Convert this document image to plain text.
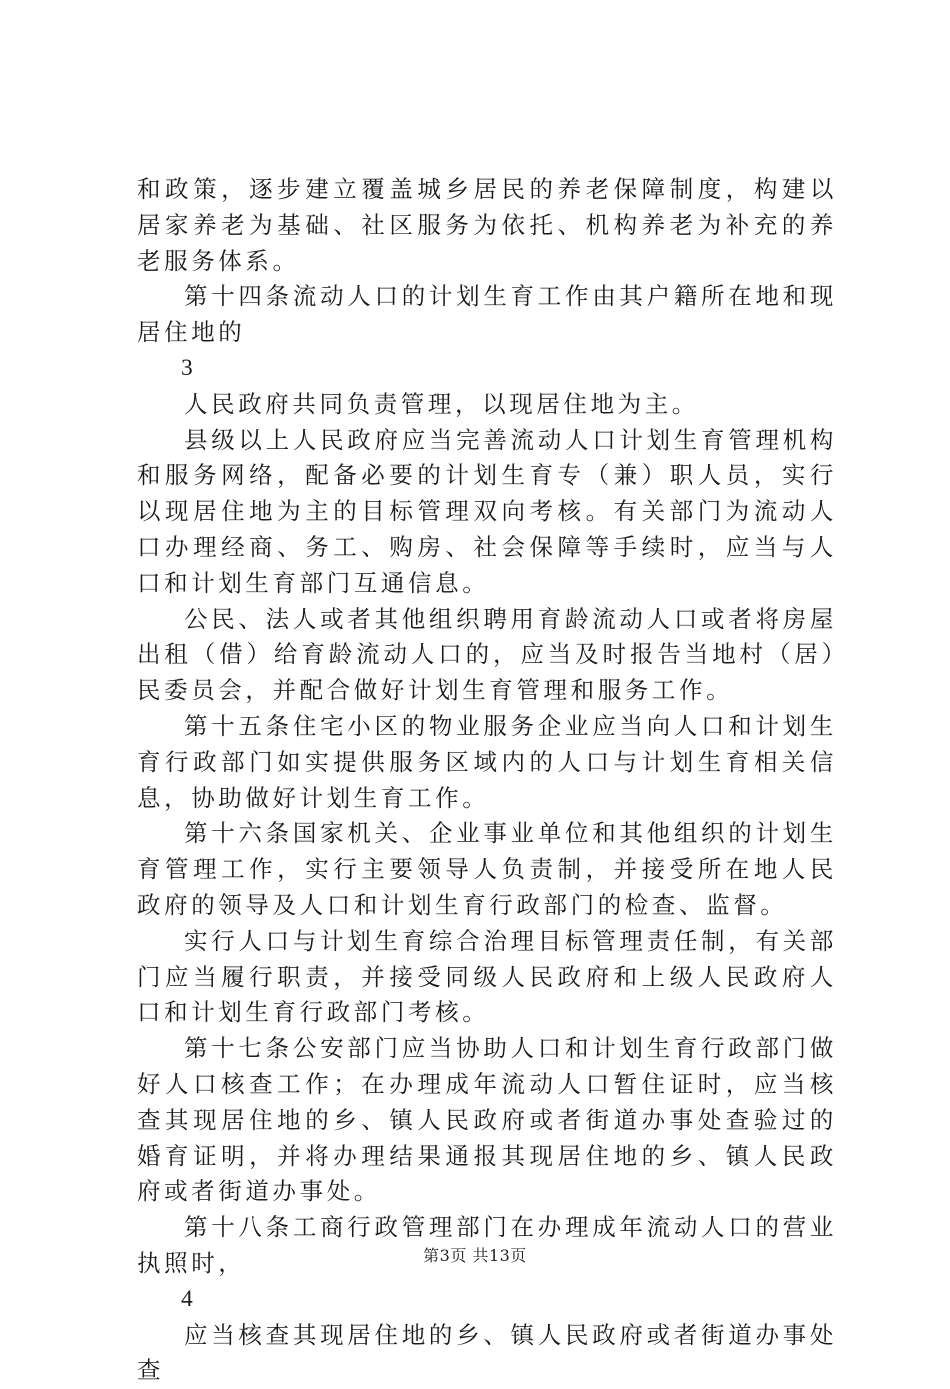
和政策，逐步建立覆盖城乡居民的养老保障制度，构建以居家养老为基础、社区服务为依托、机构养老为补充的养老服务体系。

第十四条流动人口的计划生育工作由其户籍所在地和现居住地的

3

人民政府共同负责管理，以现居住地为主。

县级以上人民政府应当完善流动人口计划生育管理机构和服务网络，配备必要的计划生育专（兼）职人员，实行以现居住地为主的目标管理双向考核。有关部门为流动人口办理经商、务工、购房、社会保障等手续时，应当与人口和计划生育部门互通信息。

公民、法人或者其他组织聘用育龄流动人口或者将房屋出租（借）给育龄流动人口的，应当及时报告当地村（居）民委员会，并配合做好计划生育管理和服务工作。

第十五条住宅小区的物业服务企业应当向人口和计划生育行政部门如实提供服务区域内的人口与计划生育相关信息，协助做好计划生育工作。

第十六条国家机关、企业事业单位和其他组织的计划生育管理工作，实行主要领导人负责制，并接受所在地人民政府的领导及人口和计划生育行政部门的检查、监督。

实行人口与计划生育综合治理目标管理责任制，有关部门应当履行职责，并接受同级人民政府和上级人民政府人口和计划生育行政部门考核。

第十七条公安部门应当协助人口和计划生育行政部门做好人口核查工作；在办理成年流动人口暂住证时，应当核查其现居住地的乡、镇人民政府或者街道办事处查验过的婚育证明，并将办理结果通报其现居住地的乡、镇人民政府或者街道办事处。

第十八条工商行政管理部门在办理成年流动人口的营业执照时，

4

应当核查其现居住地的乡、镇人民政府或者街道办事处查

第3页 共13页
